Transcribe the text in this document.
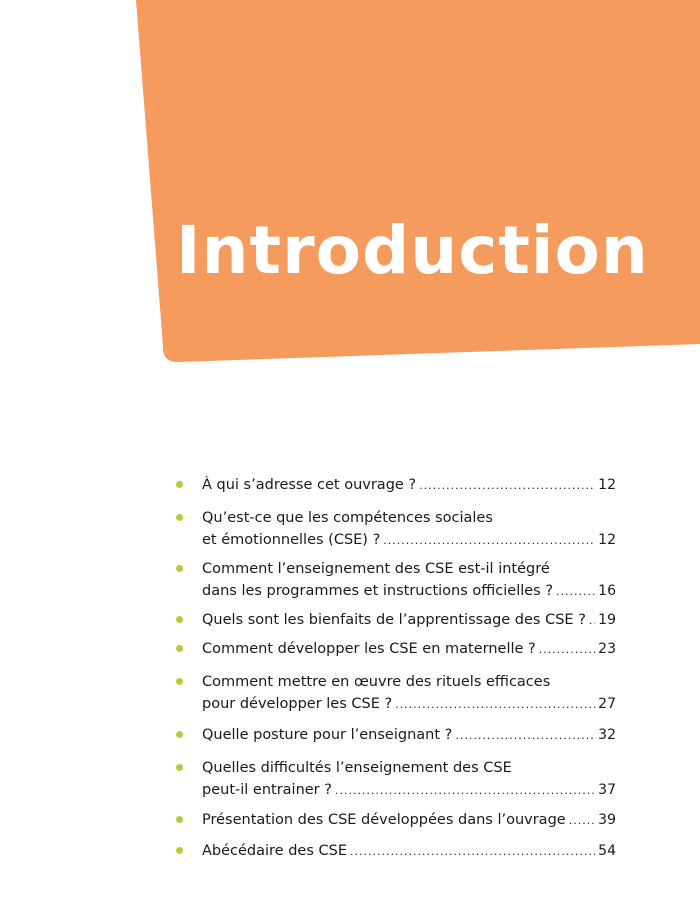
Introduction
À qui s’adresse cet ouvrage ? .....	12
Qu’est-ce que les compétences sociales
et émotionnelles (CSE) ? .....	12
Comment l’enseignement des CSE est-il intégré
dans les programmes et instructions officielles ? .....	16
Quels sont les bienfaits de l’apprentissage des CSE ? ..... 19
Comment développer les CSE en maternelle ? .....	23
Comment mettre en œuvre des rituels efficaces
pour développer les CSE ? .....	27
Quelle posture pour l’enseignant ? .....	32
Quelles difficultés l’enseignement des CSE
peut-il entrainer ? .....	37
Présentation des CSE développées dans l’ouvrage ..... 39
Abécédaire des CSE .....	54
